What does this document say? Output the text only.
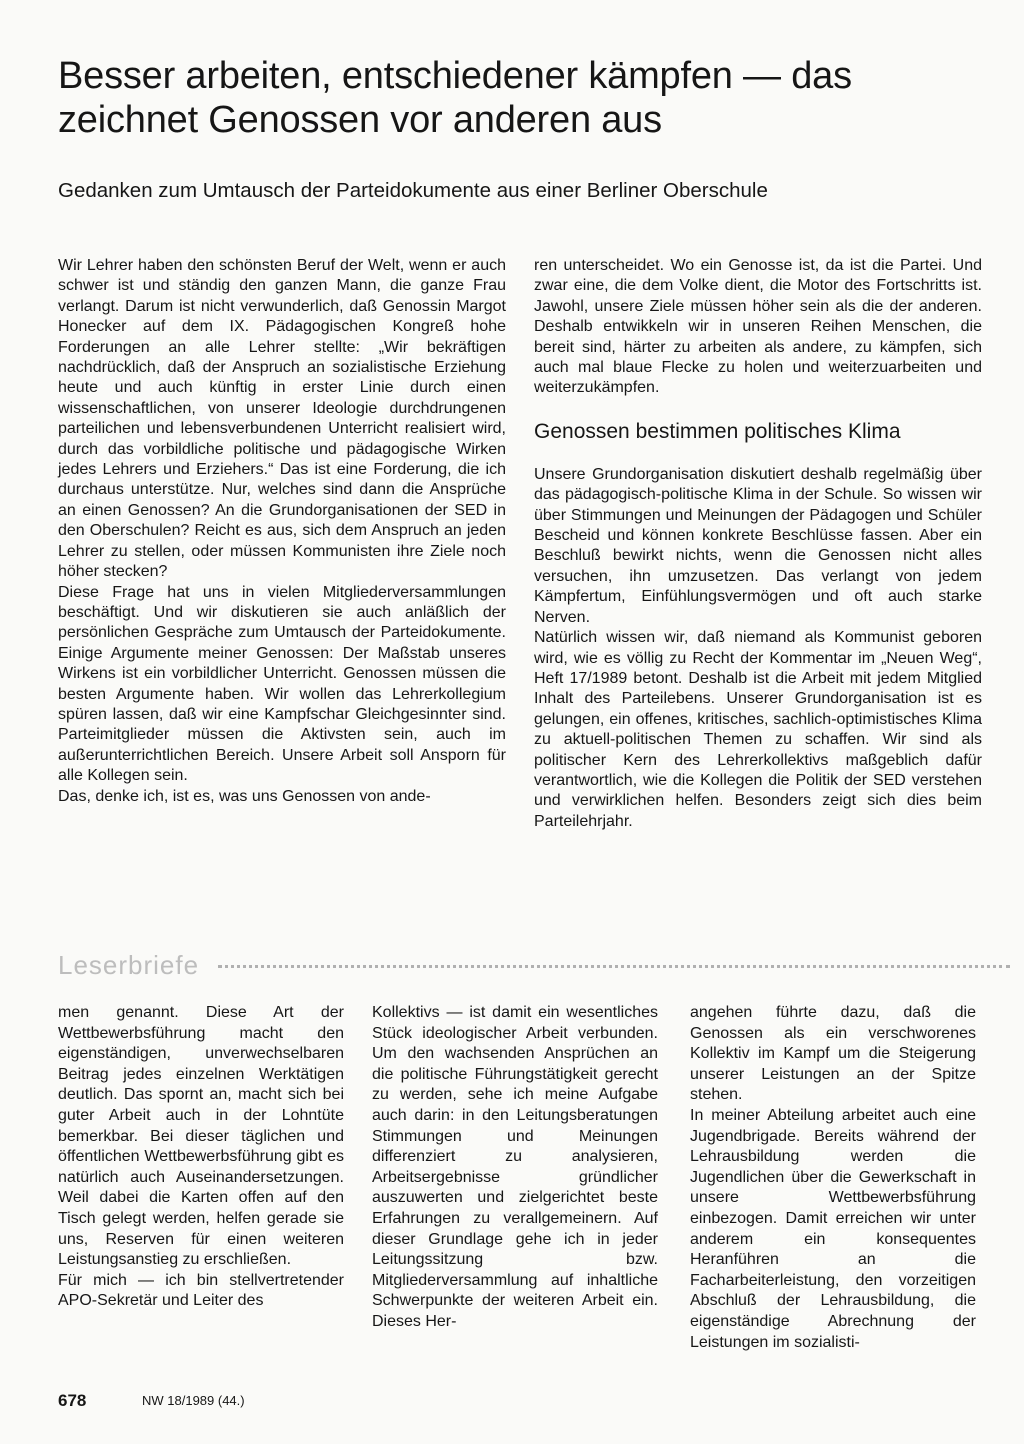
Besser arbeiten, entschiedener kämpfen — das zeichnet Genossen vor anderen aus
Gedanken zum Umtausch der Parteidokumente aus einer Berliner Oberschule

Wir Lehrer haben den schönsten Beruf der Welt, wenn er auch schwer ist und ständig den ganzen Mann, die ganze Frau verlangt. Darum ist nicht verwunderlich, daß Genossin Margot Honecker auf dem IX. Pädagogischen Kongreß hohe Forderungen an alle Lehrer stellte: „Wir bekräftigen nachdrücklich, daß der Anspruch an sozialistische Erziehung heute und auch künftig in erster Linie durch einen wissenschaftlichen, von unserer Ideologie durchdrungenen parteilichen und lebensverbundenen Unterricht realisiert wird, durch das vorbildliche politische und pädagogische Wirken jedes Lehrers und Erziehers.“ Das ist eine Forderung, die ich durchaus unterstütze. Nur, welches sind dann die Ansprüche an einen Genossen? An die Grundorganisationen der SED in den Oberschulen? Reicht es aus, sich dem Anspruch an jeden Lehrer zu stellen, oder müssen Kommunisten ihre Ziele noch höher stecken?

Diese Frage hat uns in vielen Mitgliederversammlungen beschäftigt. Und wir diskutieren sie auch anläßlich der persönlichen Gespräche zum Umtausch der Parteidokumente. Einige Argumente meiner Genossen: Der Maßstab unseres Wirkens ist ein vorbildlicher Unterricht. Genossen müssen die besten Argumente haben. Wir wollen das Lehrerkollegium spüren lassen, daß wir eine Kampfschar Gleichgesinnter sind. Parteimitglieder müssen die Aktivsten sein, auch im außerunterrichtlichen Bereich. Unsere Arbeit soll Ansporn für alle Kollegen sein.

Das, denke ich, ist es, was uns Genossen von ande-

ren unterscheidet. Wo ein Genosse ist, da ist die Partei. Und zwar eine, die dem Volke dient, die Motor des Fortschritts ist. Jawohl, unsere Ziele müssen höher sein als die der anderen. Deshalb entwikkeln wir in unseren Reihen Menschen, die bereit sind, härter zu arbeiten als andere, zu kämpfen, sich auch mal blaue Flecke zu holen und weiterzuarbeiten und weiterzukämpfen.

Genossen bestimmen politisches Klima

Unsere Grundorganisation diskutiert deshalb regelmäßig über das pädagogisch-politische Klima in der Schule. So wissen wir über Stimmungen und Meinungen der Pädagogen und Schüler Bescheid und können konkrete Beschlüsse fassen. Aber ein Beschluß bewirkt nichts, wenn die Genossen nicht alles versuchen, ihn umzusetzen. Das verlangt von jedem Kämpfertum, Einfühlungsvermögen und oft auch starke Nerven.

Natürlich wissen wir, daß niemand als Kommunist geboren wird, wie es völlig zu Recht der Kommentar im „Neuen Weg“, Heft 17/1989 betont. Deshalb ist die Arbeit mit jedem Mitglied Inhalt des Parteilebens. Unserer Grundorganisation ist es gelungen, ein offenes, kritisches, sachlich-optimistisches Klima zu aktuell-politischen Themen zu schaffen. Wir sind als politischer Kern des Lehrerkollektivs maßgeblich dafür verantwortlich, wie die Kollegen die Politik der SED verstehen und verwirklichen helfen. Besonders zeigt sich dies beim Parteilehrjahr.

Leserbriefe

men genannt. Diese Art der Wettbewerbsführung macht den eigenständigen, unverwechselbaren Beitrag jedes einzelnen Werktätigen deutlich. Das spornt an, macht sich bei guter Arbeit auch in der Lohntüte bemerkbar. Bei dieser täglichen und öffentlichen Wettbewerbsführung gibt es natürlich auch Auseinandersetzungen. Weil dabei die Karten offen auf den Tisch gelegt werden, helfen gerade sie uns, Reserven für einen weiteren Leistungsanstieg zu erschließen.

Für mich — ich bin stellvertretender APO-Sekretär und Leiter des

Kollektivs — ist damit ein wesentliches Stück ideologischer Arbeit verbunden. Um den wachsenden Ansprüchen an die politische Führungstätigkeit gerecht zu werden, sehe ich meine Aufgabe auch darin: in den Leitungsberatungen Stimmungen und Meinungen differenziert zu analysieren, Arbeitsergebnisse gründlicher auszuwerten und zielgerichtet beste Erfahrungen zu verallgemeinern. Auf dieser Grundlage gehe ich in jeder Leitungssitzung bzw. Mitgliederversammlung auf inhaltliche Schwerpunkte der weiteren Arbeit ein. Dieses Her-

angehen führte dazu, daß die Genossen als ein verschworenes Kollektiv im Kampf um die Steigerung unserer Leistungen an der Spitze stehen.

In meiner Abteilung arbeitet auch eine Jugendbrigade. Bereits während der Lehrausbildung werden die Jugendlichen über die Gewerkschaft in unsere Wettbewerbsführung einbezogen. Damit erreichen wir unter anderem ein konsequentes Heranführen an die Facharbeiterleistung, den vorzeitigen Abschluß der Lehrausbildung, die eigenständige Abrechnung der Leistungen im sozialisti-

678	NW 18/1989 (44.)
